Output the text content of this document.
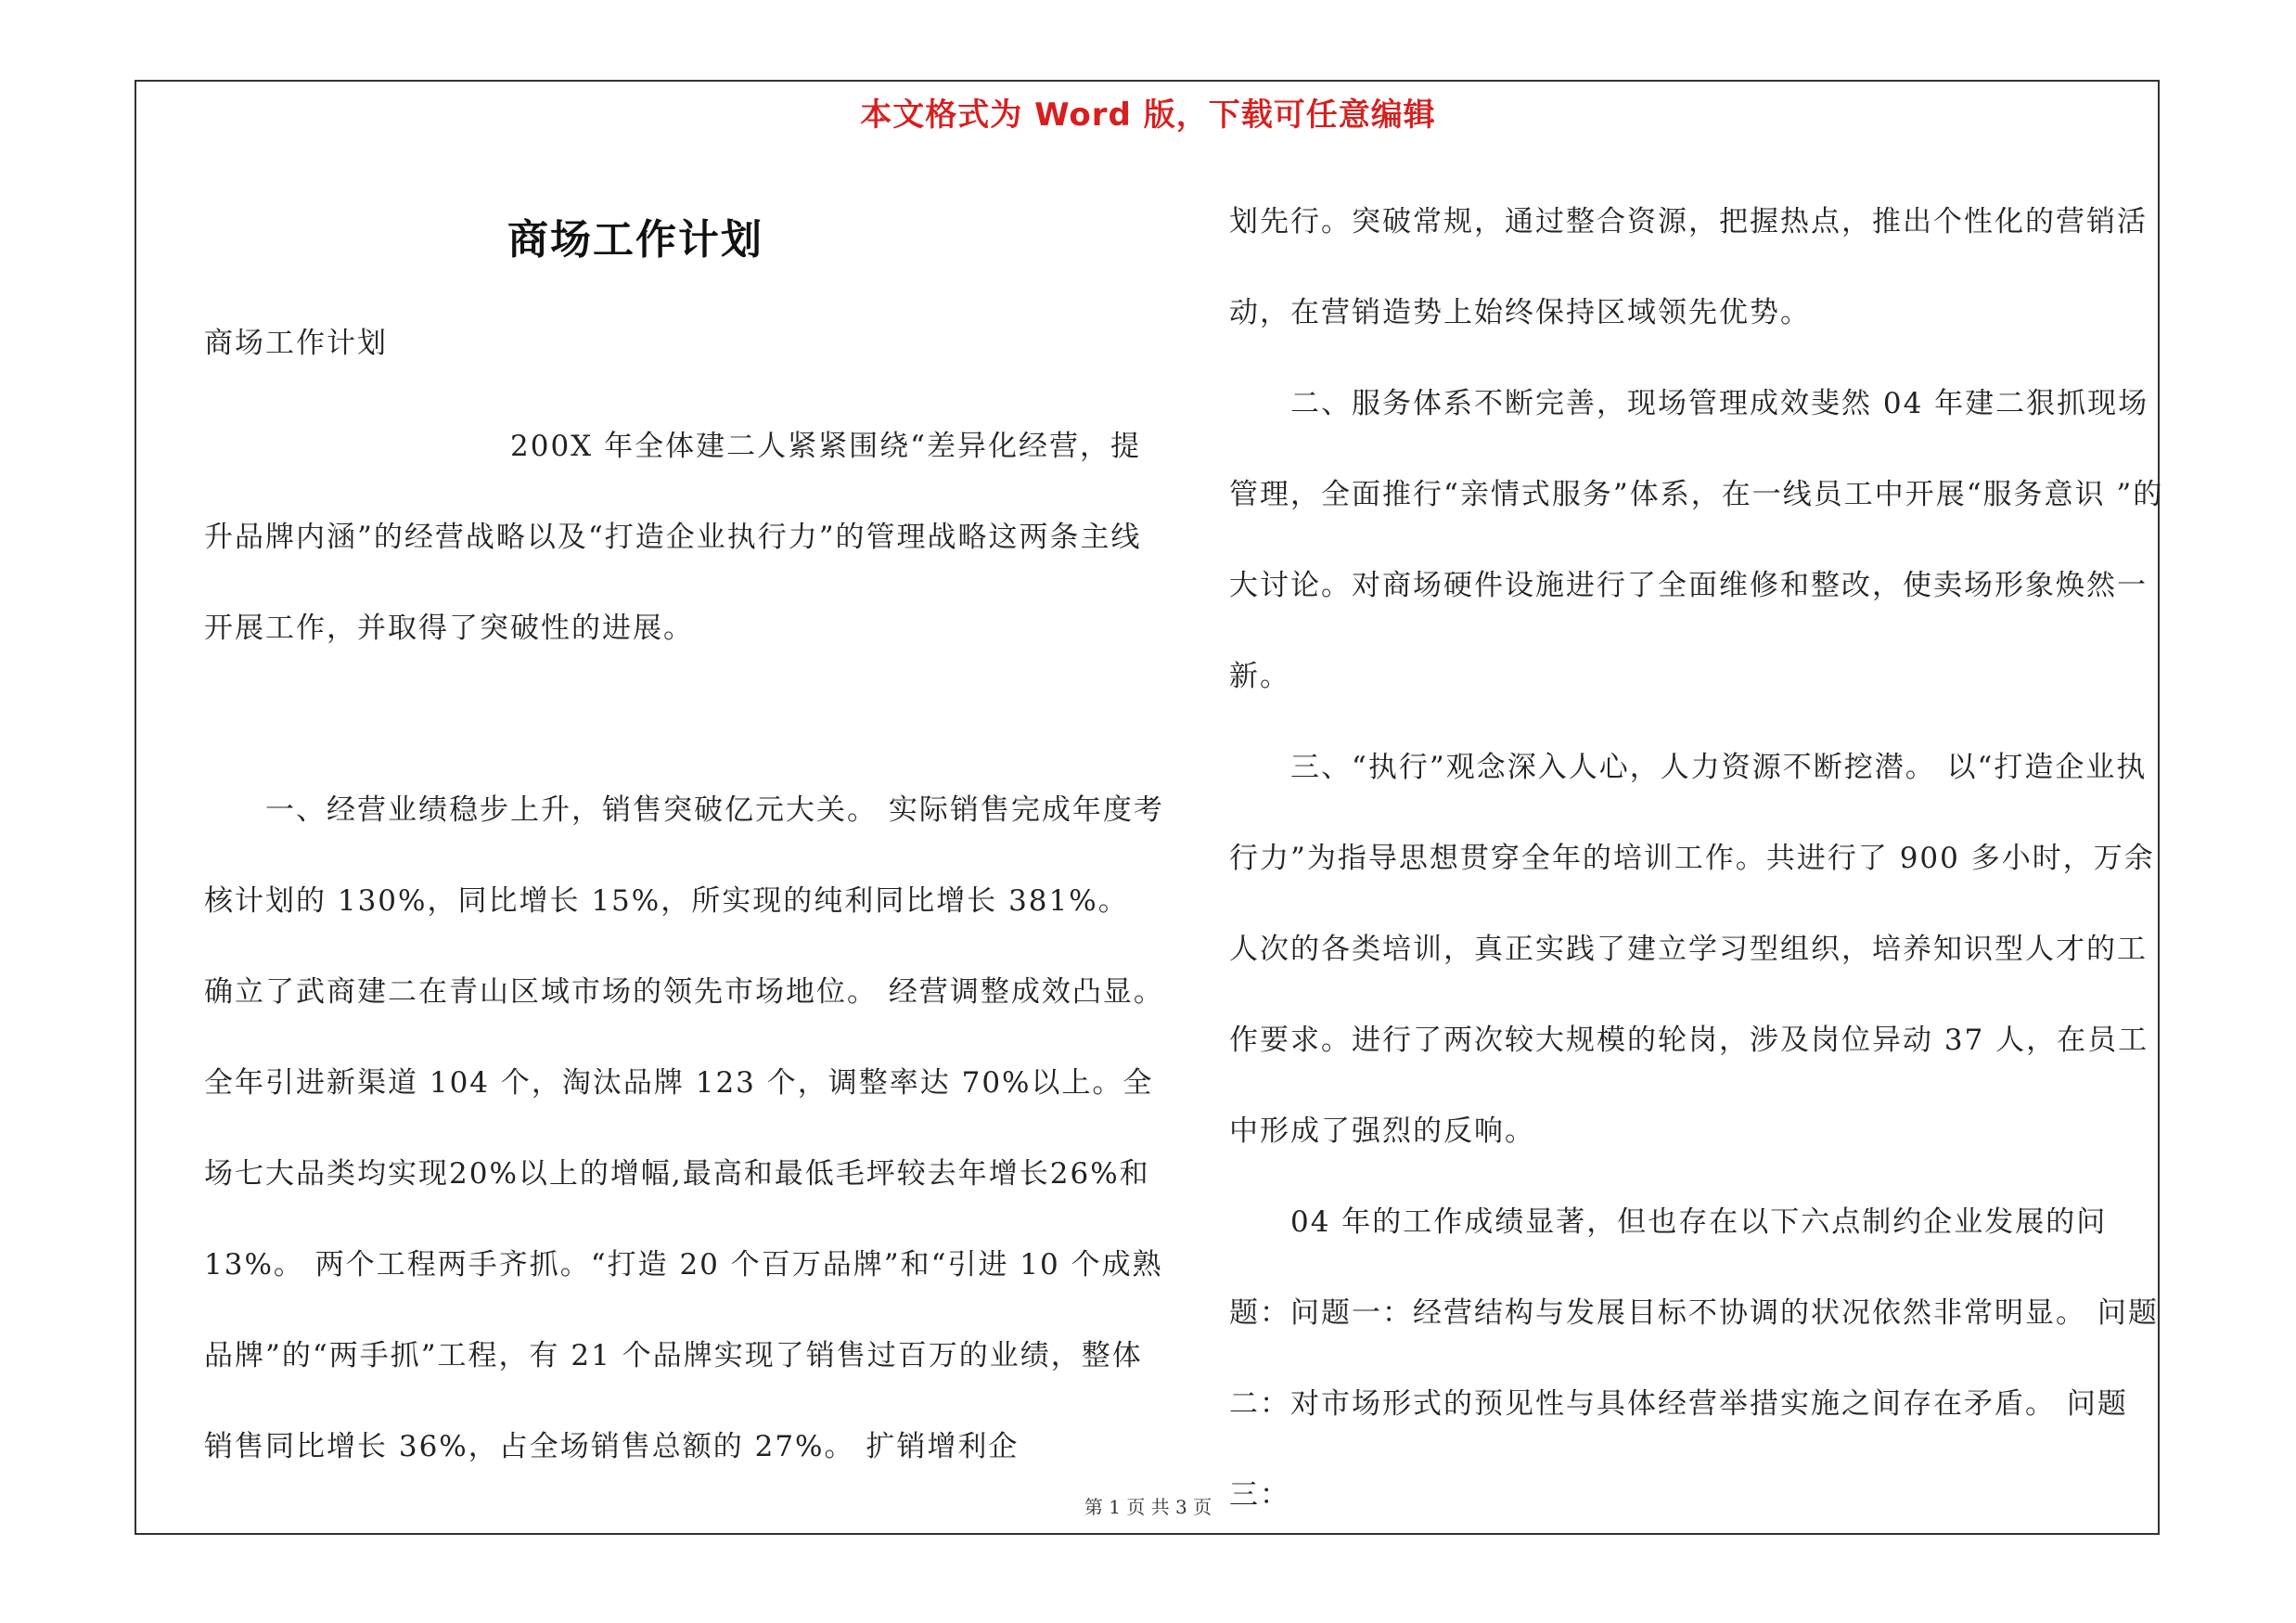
本文格式为 Word 版，下载可任意编辑
商场工作计划
商场工作计划

200X 年全体建二人紧紧围绕“差异化经营，提升品牌内涵”的经营战略以及“打造企业执行力”的管理战略这两条主线开展工作，并取得了突破性的进展。

一、经营业绩稳步上升，销售突破亿元大关。 实际销售完成年度考核计划的 130%，同比增长 15%，所实现的纯利同比增长 381%。 确立了武商建二在青山区域市场的领先市场地位。 经营调整成效凸显。全年引进新渠道 104 个，淘汰品牌 123 个，调整率达 70%以上。全场七大品类均实现20%以上的增幅,最高和最低毛坪较去年增长26%和 13%。 两个工程两手齐抓。“打造 20 个百万品牌”和“引进 10 个成熟品牌”的“两手抓”工程，有 21 个品牌实现了销售过百万的业绩，整体销售同比增长 36%，占全场销售总额的 27%。 扩销增利企

划先行。突破常规，通过整合资源，把握热点，推出个性化的营销活动，在营销造势上始终保持区域领先优势。

二、服务体系不断完善，现场管理成效斐然 04 年建二狠抓现场管理，全面推行“亲情式服务”体系，在一线员工中开展“服务意识 ”的大讨论。对商场硬件设施进行了全面维修和整改，使卖场形象焕然一新。

三、“执行”观念深入人心，人力资源不断挖潜。 以“打造企业执行力”为指导思想贯穿全年的培训工作。共进行了 900 多小时，万余人次的各类培训，真正实践了建立学习型组织，培养知识型人才的工作要求。进行了两次较大规模的轮岗，涉及岗位异动 37 人，在员工中形成了强烈的反响。

04 年的工作成绩显著，但也存在以下六点制约企业发展的问题：问题一：经营结构与发展目标不协调的状况依然非常明显。 问题二：对市场形式的预见性与具体经营举措实施之间存在矛盾。 问题三：

第 1 页 共 3 页
